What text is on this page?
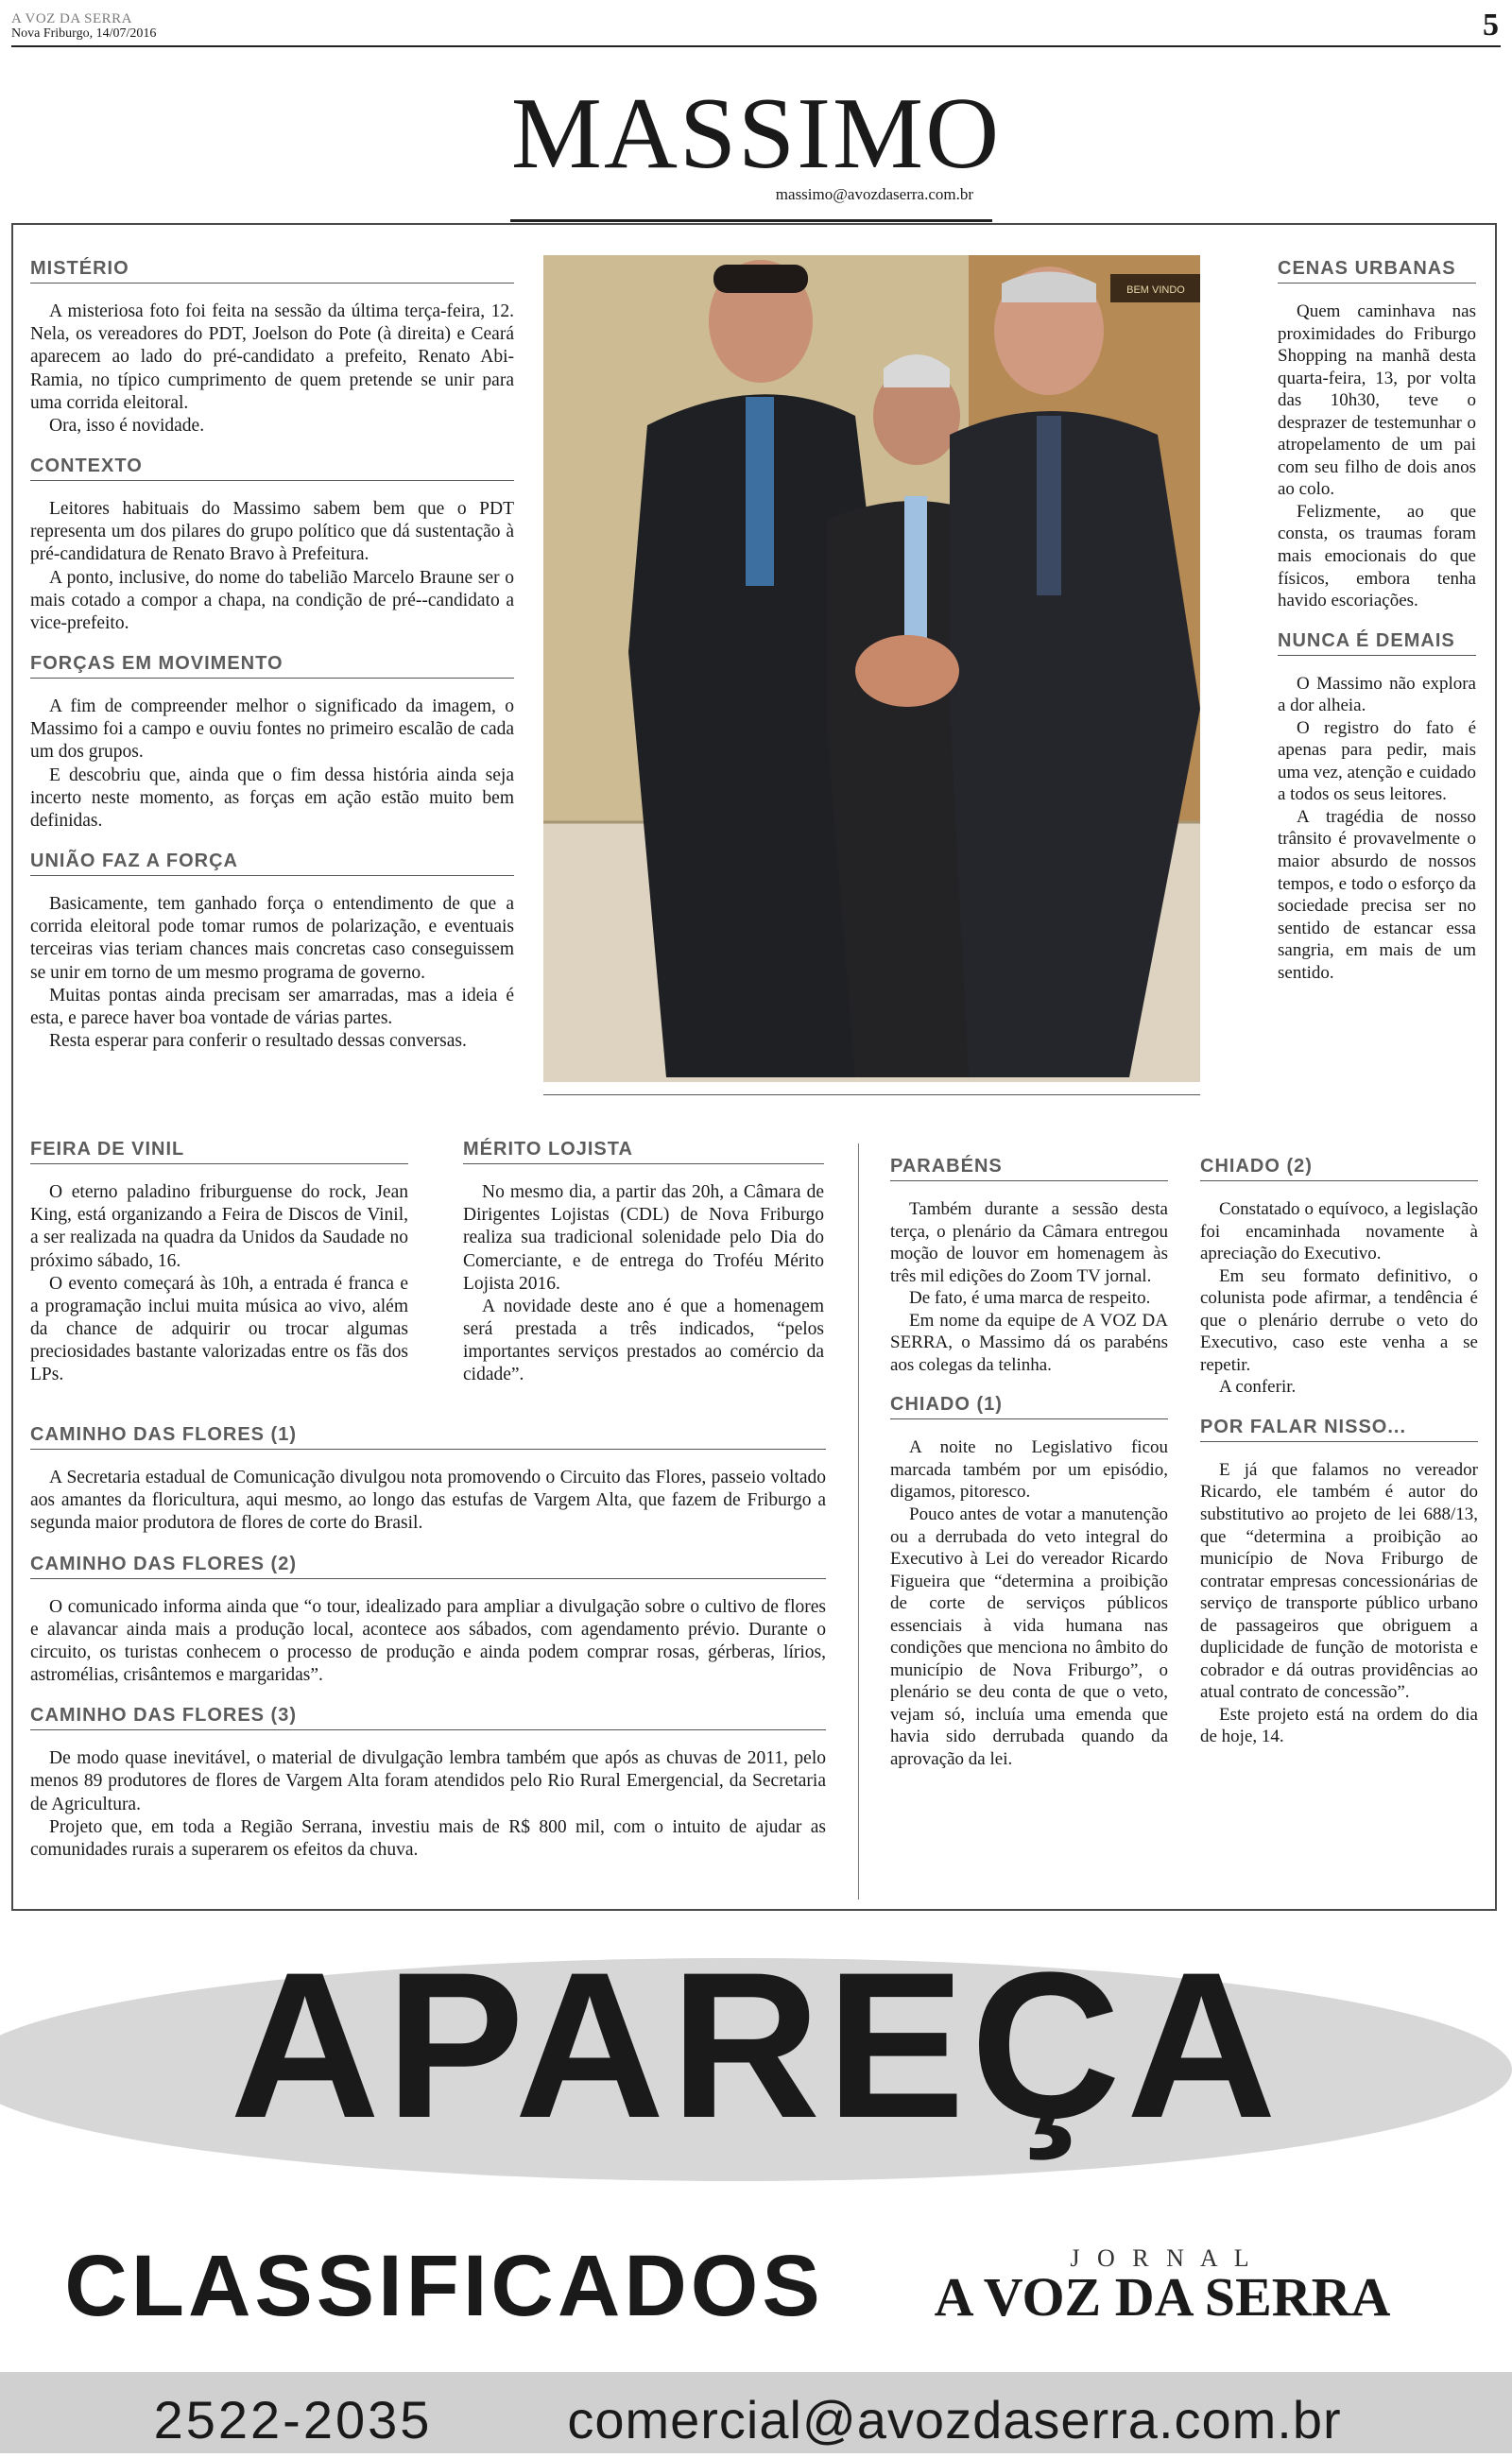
A VOZ DA SERRA
Nova Friburgo, 14/07/2016	5
MASSIMO
massimo@avozdaserra.com.br
MISTÉRIO

A misteriosa foto foi feita na sessão da última terça-feira, 12. Nela, os vereadores do PDT, Joelson do Pote (à direita) e Ceará aparecem ao lado do pré-candidato a prefeito, Renato Abi-Ramia, no típico cumprimento de quem pretende se unir para uma corrida eleitoral.

Ora, isso é novidade.

CONTEXTO

Leitores habituais do Massimo sabem bem que o PDT representa um dos pilares do grupo político que dá sustentação à pré-candidatura de Renato Bravo à Prefeitura.

A ponto, inclusive, do nome do tabelião Marcelo Braune ser o mais cotado a compor a chapa, na condição de pré--candidato a vice-prefeito.

FORÇAS EM MOVIMENTO

A fim de compreender melhor o significado da imagem, o Massimo foi a campo e ouviu fontes no primeiro escalão de cada um dos grupos.

E descobriu que, ainda que o fim dessa história ainda seja incerto neste momento, as forças em ação estão muito bem definidas.

UNIÃO FAZ A FORÇA

Basicamente, tem ganhado força o entendimento de que a corrida eleitoral pode tomar rumos de polarização, e eventuais terceiras vias teriam chances mais concretas caso conseguissem se unir em torno de um mesmo programa de governo.

Muitas pontas ainda precisam ser amarradas, mas a ideia é esta, e parece haver boa vontade de várias partes.

Resta esperar para conferir o resultado dessas conversas.

CENAS URBANAS

Quem caminhava nas proximidades do Friburgo Shopping na manhã desta quarta-feira, 13, por volta das 10h30, teve o desprazer de testemunhar o atropelamento de um pai com seu filho de dois anos ao colo.

Felizmente, ao que consta, os traumas foram mais emocionais do que físicos, embora tenha havido escoriações.

NUNCA É DEMAIS

O Massimo não explora a dor alheia.

O registro do fato é apenas para pedir, mais uma vez, atenção e cuidado a todos os seus leitores.

A tragédia de nosso trânsito é provavelmente o maior absurdo de nossos tempos, e todo o esforço da sociedade precisa ser no sentido de estancar essa sangria, em mais de um sentido.

FEIRA DE VINIL

O eterno paladino friburguense do rock, Jean King, está organizando a Feira de Discos de Vinil, a ser realizada na quadra da Unidos da Saudade no próximo sábado, 16.

O evento começará às 10h, a entrada é franca e a programação inclui muita música ao vivo, além da chance de adquirir ou trocar algumas preciosidades bastante valorizadas entre os fãs dos LPs.

MÉRITO LOJISTA

No mesmo dia, a partir das 20h, a Câmara de Dirigentes Lojistas (CDL) de Nova Friburgo realiza sua tradicional solenidade pelo Dia do Comerciante, e de entrega do Troféu Mérito Lojista 2016.

A novidade deste ano é que a homenagem será prestada a três indicados, “pelos importantes serviços prestados ao comércio da cidade”.

CAMINHO DAS FLORES (1)

A Secretaria estadual de Comunicação divulgou nota promovendo o Circuito das Flores, passeio voltado aos amantes da floricultura, aqui mesmo, ao longo das estufas de Vargem Alta, que fazem de Friburgo a segunda maior produtora de flores de corte do Brasil.

CAMINHO DAS FLORES (2)

O comunicado informa ainda que “o tour, idealizado para ampliar a divulgação sobre o cultivo de flores e alavancar ainda mais a produção local, acontece aos sábados, com agendamento prévio. Durante o circuito, os turistas conhecem o processo de produção e ainda podem comprar rosas, gérberas, lírios, astromélias, crisântemos e margaridas”.

CAMINHO DAS FLORES (3)

De modo quase inevitável, o material de divulgação lembra também que após as chuvas de 2011, pelo menos 89 produtores de flores de Vargem Alta foram atendidos pelo Rio Rural Emergencial, da Secretaria de Agricultura.

Projeto que, em toda a Região Serrana, investiu mais de R$ 800 mil, com o intuito de ajudar as comunidades rurais a superarem os efeitos da chuva.

PARABÉNS

Também durante a sessão desta terça, o plenário da Câmara entregou moção de louvor em homenagem às três mil edições do Zoom TV jornal.

De fato, é uma marca de respeito.

Em nome da equipe de A VOZ DA SERRA, o Massimo dá os parabéns aos colegas da telinha.

CHIADO (1)

A noite no Legislativo ficou marcada também por um episódio, digamos, pitoresco.

Pouco antes de votar a manutenção ou a derrubada do veto integral do Executivo à Lei do vereador Ricardo Figueira que “determina a proibição de corte de serviços públicos essenciais à vida humana nas condições que menciona no âmbito do município de Nova Friburgo”, o plenário se deu conta de que o veto, vejam só, incluía uma emenda que havia sido derrubada quando da aprovação da lei.

CHIADO (2)

Constatado o equívoco, a legislação foi encaminhada novamente à apreciação do Executivo.

Em seu formato definitivo, o colunista pode afirmar, a tendência é que o plenário derrube o veto do Executivo, caso este venha a se repetir.

A conferir.

POR FALAR NISSO...

E já que falamos no vereador Ricardo, ele também é autor do substitutivo ao projeto de lei 688/13, que “determina a proibição ao município de Nova Friburgo de contratar empresas concessionárias de serviço de transporte público urbano de passageiros que obriguem a duplicidade de função de motorista e cobrador e dá outras providências ao atual contrato de concessão”.

Este projeto está na ordem do dia de hoje, 14.

BEM VINDO
APAREÇA
CLASSIFICADOS	J O R N A L
A VOZ DA SERRA
2522-2035	comercial@avozdaserra.com.br
